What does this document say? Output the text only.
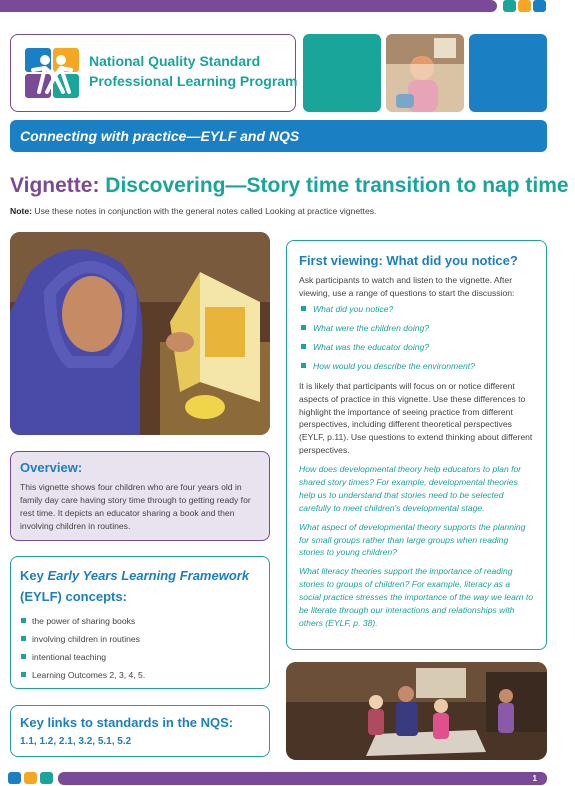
National Quality Standard
Professional Learning Program
Connecting with practice—EYLF and NQS
Vignette: Discovering—Story time transition to nap time
Note: Use these notes in conjunction with the general notes called Looking at practice vignettes.
Overview:
This vignette shows four children who are four years old in family day care having story time through to getting ready for rest time. It depicts an educator sharing a book and then involving children in routines.
Key Early Years Learning Framework
(EYLF) concepts:
the power of sharing books
involving children in routines
intentional teaching
Learning Outcomes 2, 3, 4, 5.
Key links to standards in the NQS:
1.1, 1.2, 2.1, 3.2, 5.1, 5.2
First viewing: What did you notice?
Ask participants to watch and listen to the vignette. After viewing, use a range of questions to start the discussion:
What did you notice?
What were the children doing?
What was the educator doing?
How would you describe the environment?
It is likely that participants will focus on or notice different aspects of practice in this vignette. Use these differences to highlight the importance of seeing practice from different perspectives, including different theoretical perspectives (EYLF, p.11). Use questions to extend thinking about different perspectives.
How does developmental theory help educators to plan for shared story times? For example, developmental theories help us to understand that stories need to be selected carefully to meet children's developmental stage.
What aspect of developmental theory supports the planning for small groups rather than large groups when reading stories to young children?
What literacy theories support the importance of reading stories to groups of children? For example, literacy as a social practice stresses the importance of the way we learn to be literate through our interactions and relationships with others (EYLF, p. 38).
1
